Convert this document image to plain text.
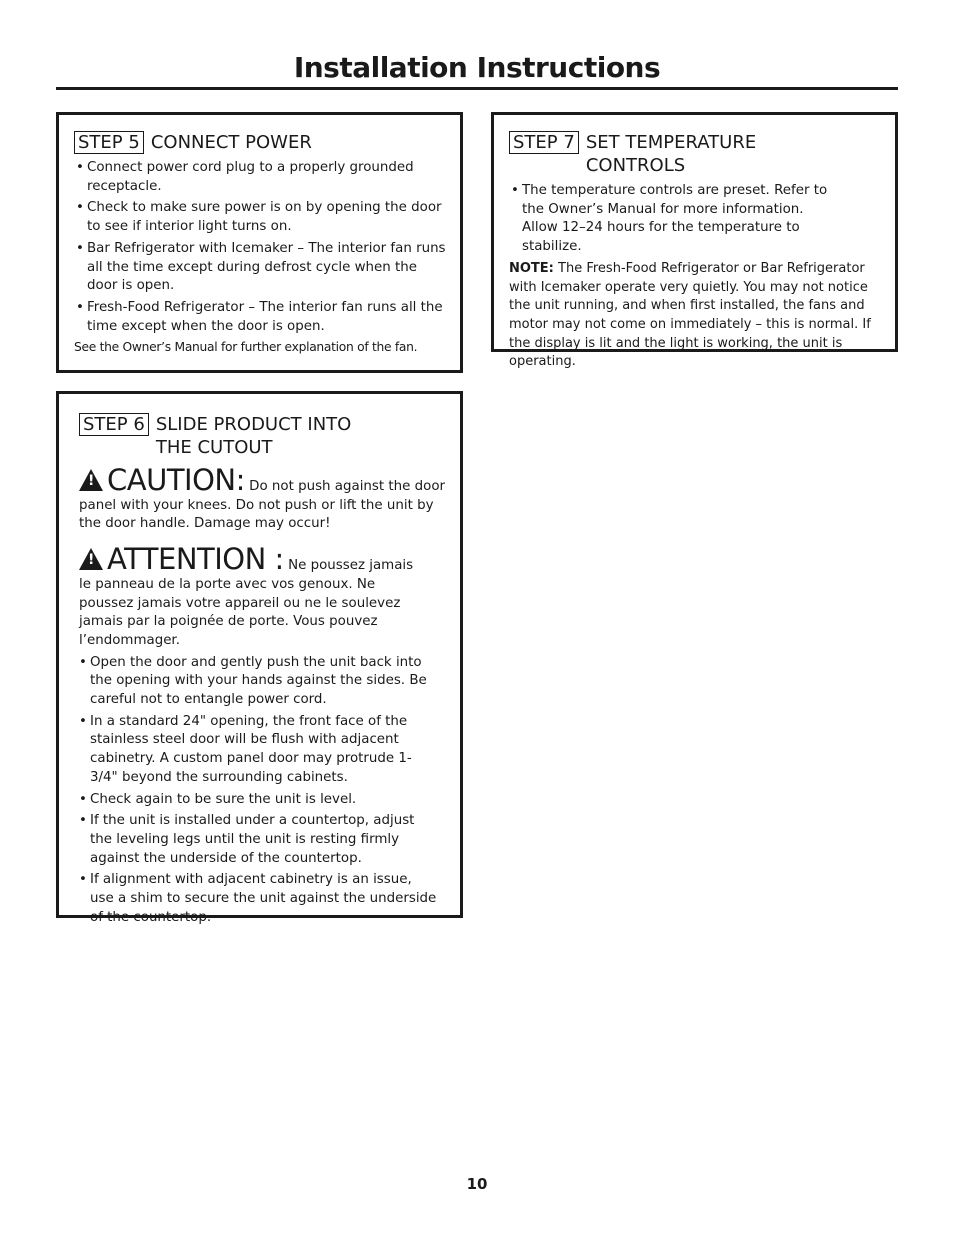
Installation Instructions
STEP 5 CONNECT POWER
• Connect power cord plug to a properly grounded receptacle.
• Check to make sure power is on by opening the door to see if interior light turns on.
• Bar Refrigerator with Icemaker – The interior fan runs all the time except during defrost cycle when the door is open.
• Fresh-Food Refrigerator – The interior fan runs all the time except when the door is open.
See the Owner’s Manual for further explanation of the fan.
STEP 6 SLIDE PRODUCT INTO
THE CUTOUT
! CAUTION: Do not push against the door panel with your knees. Do not push or lift the unit by the door handle. Damage may occur!
! ATTENTION : Ne poussez jamais le panneau de la porte avec vos genoux. Ne poussez jamais votre appareil ou ne le soulevez jamais par la poignée de porte. Vous pouvez l’endommager.
• Open the door and gently push the unit back into the opening with your hands against the sides. Be careful not to entangle power cord.
• In a standard 24" opening, the front face of the stainless steel door will be flush with adjacent cabinetry. A custom panel door may protrude 1-3/4" beyond the surrounding cabinets.
• Check again to be sure the unit is level.
• If the unit is installed under a countertop, adjust the leveling legs until the unit is resting firmly against the underside of the countertop.
• If alignment with adjacent cabinetry is an issue, use a shim to secure the unit against the underside of the countertop.
STEP 7 SET TEMPERATURE
CONTROLS
• The temperature controls are preset. Refer to the Owner’s Manual for more information. Allow 12–24 hours for the temperature to stabilize.
NOTE: The Fresh-Food Refrigerator or Bar Refrigerator with Icemaker operate very quietly. You may not notice the unit running, and when first installed, the fans and motor may not come on immediately – this is normal. If the display is lit and the light is working, the unit is operating.
10
